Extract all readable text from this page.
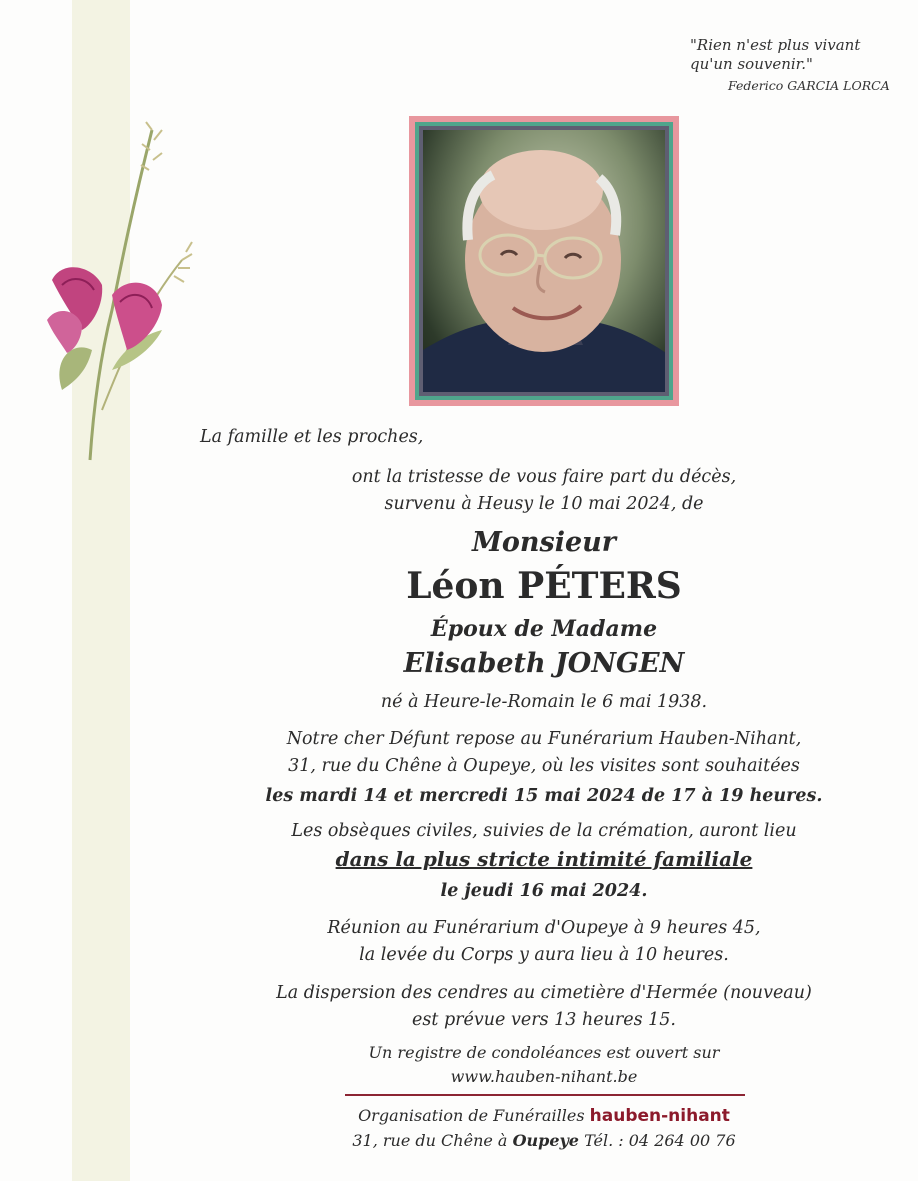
"Rien n'est plus vivant
qu'un souvenir."
Federico GARCIA LORCA
La famille et les proches,
ont la tristesse de vous faire part du décès,
survenu à Heusy le 10 mai 2024, de
Monsieur
Léon PÉTERS
Époux de Madame
Elisabeth JONGEN
né à Heure-le-Romain le 6 mai 1938.
Notre cher Défunt repose au Funérarium Hauben-Nihant,
31, rue du Chêne à Oupeye, où les visites sont souhaitées
les mardi 14 et mercredi 15 mai 2024 de 17 à 19 heures.
Les obsèques civiles, suivies de la crémation, auront lieu
dans la plus stricte intimité familiale
le jeudi 16 mai 2024.
Réunion au Funérarium d'Oupeye à 9 heures 45,
la levée du Corps y aura lieu à 10 heures.
La dispersion des cendres au cimetière d'Hermée (nouveau)
est prévue vers 13 heures 15.
Un registre de condoléances est ouvert sur
www.hauben-nihant.be
Organisation de Funérailles hauben-nihant
31, rue du Chêne à Oupeye Tél. : 04 264 00 76
